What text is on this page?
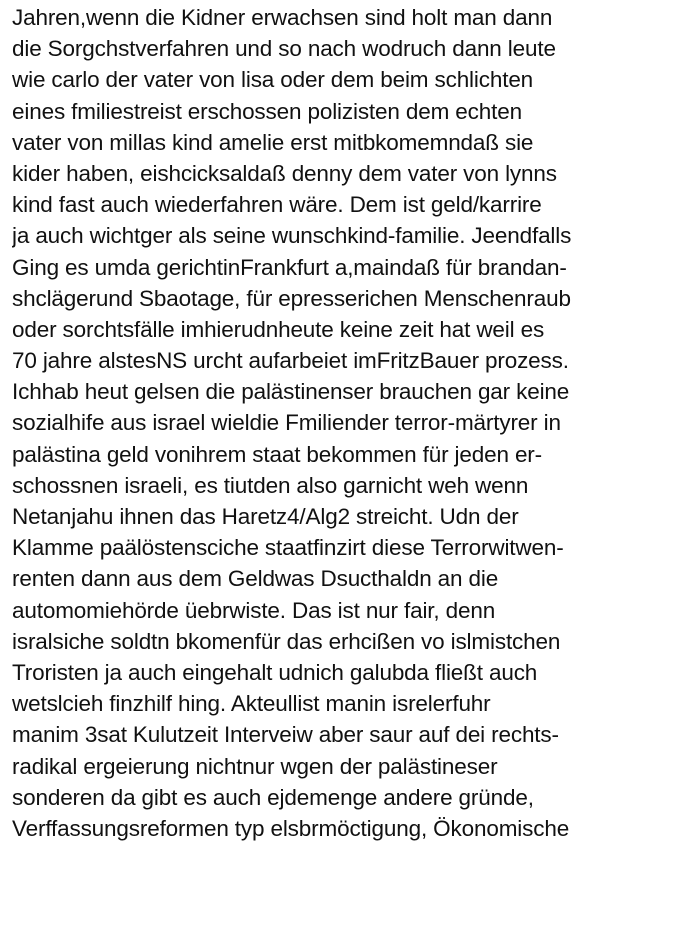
Jahren,wenn die Kidner erwachsen sind holt man dann
die Sorgchstverfahren und so nach wodruch dann leute
wie carlo der vater von lisa oder dem beim schlichten
eines fmiliestreist erschossen polizisten dem echten
vater von millas kind amelie erst mitbkomemndaß sie
kider haben, eishcicksaldaß denny dem vater von lynns
kind fast auch wiederfahren wäre. Dem ist geld/karrire
ja auch wichtger als seine wunschkind-familie. Jeendfalls
Ging es umda gerichtinFrankfurt a,maindaß für brandan-
shclägerund Sbaotage, für epresserichen Menschenraub
oder sorchtsfälle imhierudnheute keine zeit hat weil es
70 jahre alstesNS urcht aufarbeiet imFritzBauer prozess.
Ichhab heut gelsen die palästinenser brauchen gar keine
sozialhife aus israel wieldie Fmiliender terror-märtyrer in
palästina geld vonihrem staat bekommen für jeden er-
schossnen israeli, es tiutden also garnicht weh wenn
Netanjahu ihnen das Haretz4/Alg2 streicht. Udn der
Klamme paälöstensciche staatfinzirt diese Terrorwitwen-
renten dann aus dem Geldwas Dsucthaldn an die
automomiehörde üebrwiste. Das ist nur fair, denn
isralsiche soldtn bkomenfür das erhcißen vo islmistchen
Troristen ja auch eingehalt udnich galubda fließt auch
wetslcieh finzhilf hing. Akteullist manin isrelerfuhr
manim 3sat Kulutzeit Interveiw aber saur auf dei rechts-
radikal ergeierung nichtnur wgen der palästineser
sonderen da gibt es auch ejdemenge andere gründe,
Verffassungsreformen typ elsbrmöctigung, Ökonomische
